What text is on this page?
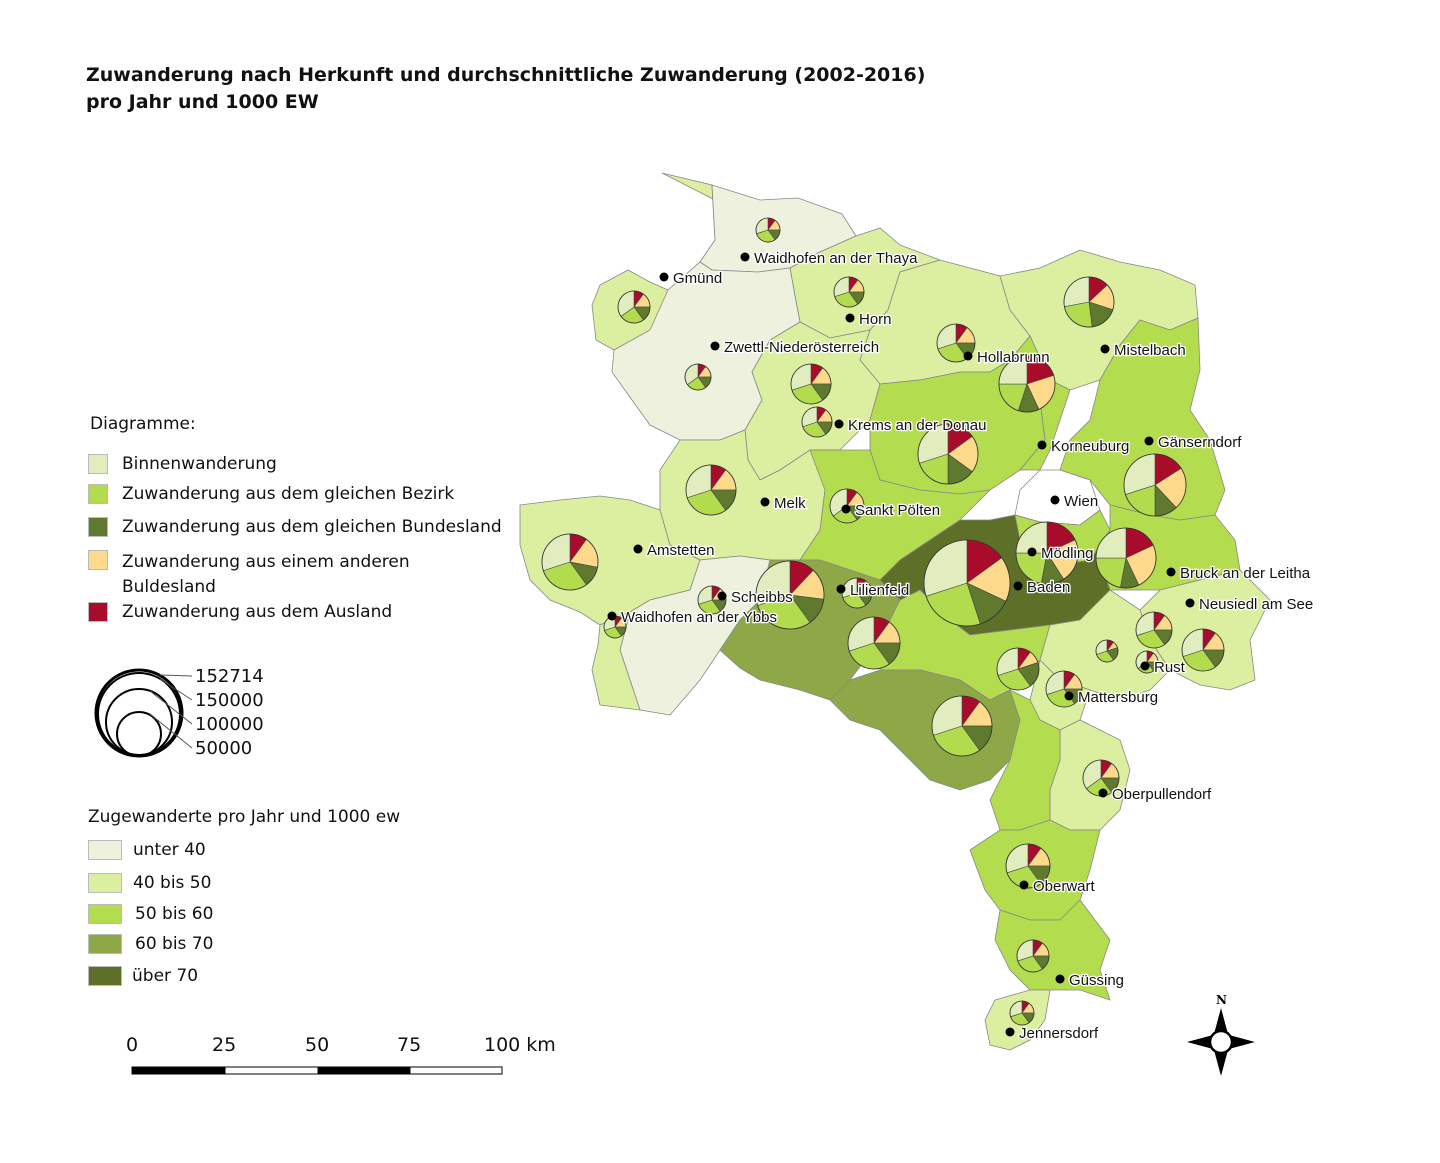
Zuwanderung nach Herkunft und durchschnittliche Zuwanderung (2002-2016)
pro Jahr und 1000 EW
Waidhofen an der Thaya
Gmünd
Horn
Zwettl-Niederösterreich
Hollabrunn	Mistelbach
Krems an der Donau
Korneuburg Gänserndorf
Melk	Sankt Pölten
Wien
Amstetten	Mödling
Bruck an der Leitha
Scheibbs	Lilienfeld	Baden
Neusiedl am See
Waidhofen an der Ybbs
Rust
Mattersburg
Oberpullendorf
Oberwart
Güssing
Jennersdorf
N
Diagramme:
Binnenwanderung
Zuwanderung aus dem gleichen Bezirk
Zuwanderung aus dem gleichen Bundesland
Zuwanderung aus einem anderen
Buldesland
Zuwanderung aus dem Ausland
152714
150000
100000
50000
Zugewanderte pro Jahr und 1000 ew
unter 40
40 bis 50
50 bis 60
60 bis 70
über 70
0	25	50	75	100 km
